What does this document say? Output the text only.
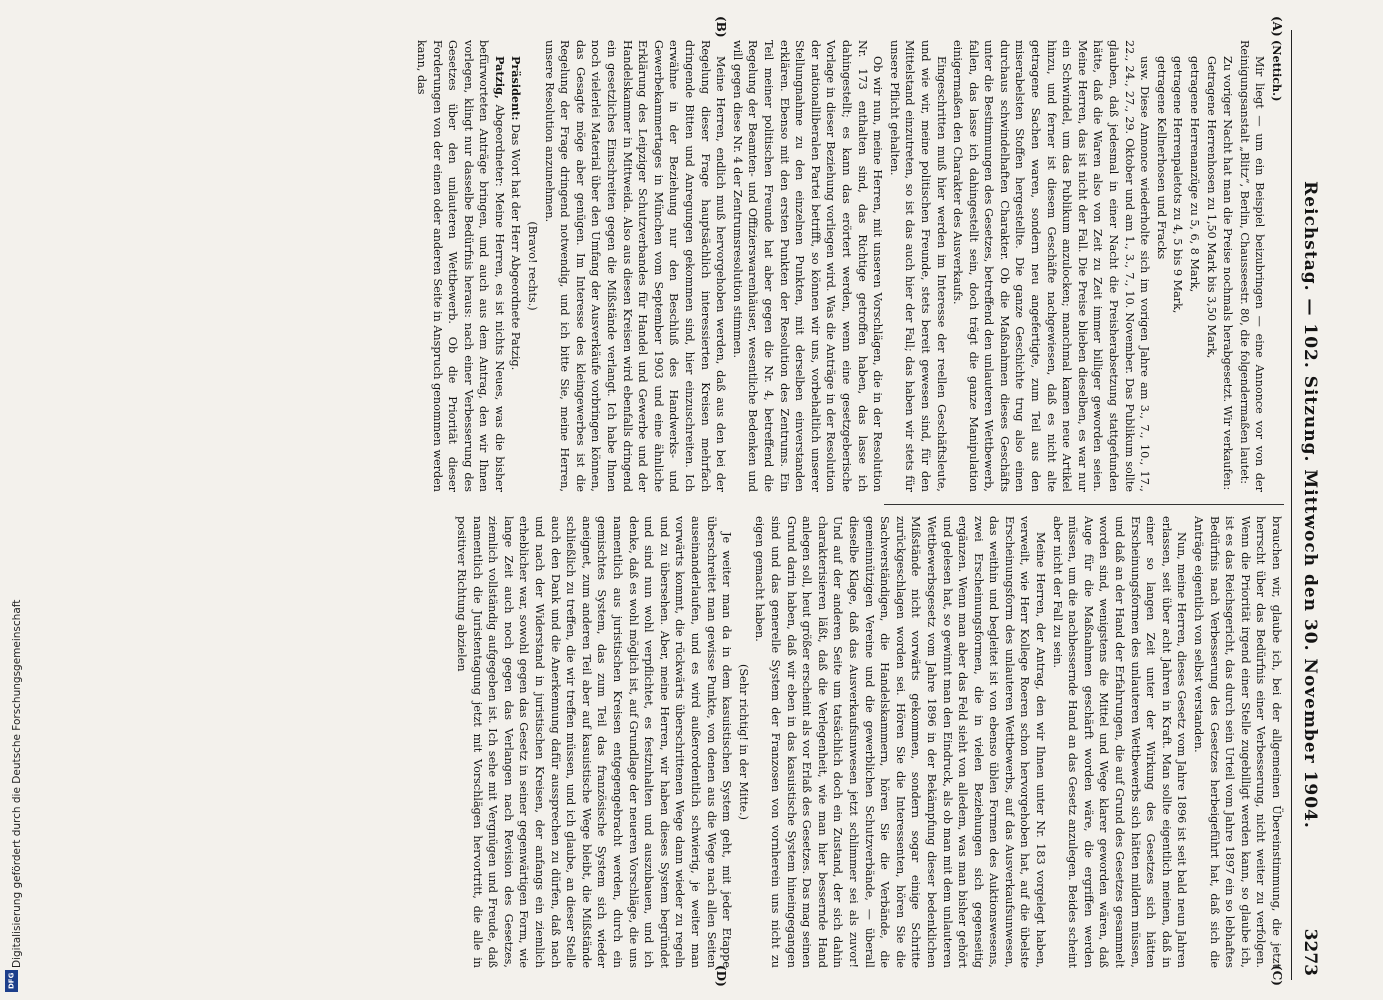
Digitalisierung gefördert durch die Deutsche Forschungsgemeinschaft
DFG
Reichstag. — 102. Sitzung. Mittwoch den 30. November 1904.
3273
(A)
(B)
(C)
(D)

(Nettich.)

Mir liegt — um ein Beispiel beizubringen — eine Annonce vor von der Reinigungsanstalt „Blitz“, Berlin, Chausseestr. 80, die folgendermaßen lautet:

Zu voriger Nacht hat man die Preise nochmals herabgesetzt. Wir verkaufen:

Getragene Herrenhosen zu 1,50 Mark bis 3,50 Mark,

getragene Herrenanzüge zu 5, 6, 8 Mark,

getragene Herrenpaletots zu 4, 5 bis 9 Mark,

getragene Kellnerhosen und Fracks

usw. Diese Annonce wiederholte sich im vorigen Jahre am 3., 7., 10., 17., 22., 24., 27., 29. Oktober und am 1., 3., 7., 10. November. Das Publikum sollte glauben, daß jedesmal in einer Nacht die Preisherabsetzung stattgefunden hätte, daß die Waren also von Zeit zu Zeit immer billiger geworden seien. Meine Herren, das ist nicht der Fall. Die Preise blieben dieselben, es war nur ein Schwindel, um das Publikum anzulocken; manchmal kamen neue Artikel hinzu, und ferner ist diesem Geschäfte nachgewiesen, daß es nicht alte getragene Sachen waren, sondern neu angefertigte, zum Teil aus den miserabelsten Stoffen hergestellte. Die ganze Geschichte trug also einen durchaus schwindelhaften Charakter. Ob die Maßnahmen dieses Geschäfts unter die Bestimmungen des Gesetzes, betreffend den unlauteren Wettbewerb, fallen, das lasse ich dahingestellt sein, doch trägt die ganze Manipulation einigermaßen den Charakter des Ausverkaufs.

Eingeschritten muß hier werden im Interesse der reellen Geschäftsleute, und wie wir, meine politischen Freunde, stets bereit gewesen sind, für den Mittelstand einzutreten, so ist das auch hier der Fall; das haben wir stets für unsere Pflicht gehalten.

Ob wir nun, meine Herren, mit unseren Vorschlägen, die in der Resolution Nr. 173 enthalten sind, das Richtige getroffen haben, das lasse ich dahingestellt; es kann das erörtert werden, wenn eine gesetzgeberische Vorlage in dieser Beziehung vorliegen wird. Was die Anträge in der Resolution der nationalliberalen Partei betrifft, so können wir uns, vorbehaltlich unserer Stellungnahme zu den einzelnen Punkten, mit derselben einverstanden erklären. Ebenso mit den ersten Punkten der Resolution des Zentrums. Ein Teil meiner politischen Freunde hat aber gegen die Nr. 4, betreffend die Regelung der Beamten- und Offizierswarenhäuser, wesentliche Bedenken und will gegen diese Nr. 4 der Zentrumsresolution stimmen.

Meine Herren, endlich muß hervorgehoben werden, daß aus den bei der Regelung dieser Frage hauptsächlich interessierten Kreisen mehrfach dringende Bitten und Anregungen gekommen sind, hier einzuschreiten. Ich erwähne in der Beziehung nur den Beschluß des Handwerks- und Gewerbekammertages in München vom September 1903 und eine ähnliche Erklärung des Leipziger Schutzverbandes für Handel und Gewerbe und der Handelskammer in Mittweida. Also aus diesen Kreisen wird ebenfalls dringend ein gesetzliches Einschreiten gegen die Mißstände verlangt. Ich habe Ihnen noch vielerlei Material über den Umfang der Ausverkäufe vorbringen können, das Gesagte möge aber genügen. Im Interesse des kleingewerbes ist die Regelung der Frage dringend notwendig, und ich bitte Sie, meine Herren, unsere Resolution anzunehmen.

(Bravo! rechts.)

Präsident: Das Wort hat der Herr Abgeordnete Patzig.

Patzig, Abgeordneter: Meine Herren, es ist nichts Neues, was die bisher befürworteten Anträge bringen, und auch aus dem Antrag, den wir Ihnen vorlegen, klingt nur dasselbe Bedürfnis heraus: nach einer Verbesserung des Gesetzes über den unlauteren Wettbewerb. Ob die Priorität dieser Forderungen von der einen oder anderen Seite in Anspruch genommen werden kann, das

brauchen wir, glaube ich, bei der allgemeinen Übereinstimmung, die jetzt herrscht über das Bedürfnis einer Verbesserung, nicht weiter zu verfolgen. Wenn die Priorität irgend einer Stelle zugebilligt werden kann, so glaube ich, ist es das Reichsgericht, das durch sein Urteil vom Jahre 1897 ein so lebhaftes Bedürfnis nach Verbesserung des Gesetzes herbeigeführt hat, daß sich die Anträge eigentlich von selbst verstanden.

Nun, meine Herren, dieses Gesetz vom Jahre 1896 ist seit bald neun Jahren erlassen, seit über acht Jahren in Kraft. Man sollte eigentlich meinen, daß in einer so langen Zeit unter der Wirkung des Gesetzes sich hätten Erscheinungsformen des unlauteren Wettbewerbs sich hätten mildern müssen, und daß an der Hand der Erfahrungen, die auf Grund des Gesetzes gesammelt worden sind, wenigstens die Mittel und Wege klarer geworden wären, daß Auge für die Maßnahmen geschärft worden wäre, die ergriffen werden müssen, um die nachbessernde Hand an das Gesetz anzulegen. Beides scheint aber nicht der Fall zu sein.

Meine Herren, der Antrag, den wir Ihnen unter Nr. 183 vorgelegt haben, verweilt, wie Herr Kollege Roeren schon hervorgehoben hat, auf die übelste Erscheinungsform des unlauteren Wettbewerbs, auf das Ausverkaufsunwesen, das weithin und begleitet ist von ebenso üblen Formen des Auktionswesens, zwei Erscheinungsformen, die in vielen Beziehungen sich gegenseitig ergänzen. Wenn man aber das Feld sieht von alledem, was man bisher gehört und gelesen hat, so gewinnt man den Eindruck, als ob man mit dem unlauteren Wettbewerbsgesetz vom Jahre 1896 in der Bekämpfung dieser bedenklichen Mißstände nicht vorwärts gekommen, sondern sogar einige Schritte zurückgeschlagen worden sei. Hören Sie die Interessenten, hören Sie die Sachverständigen, die Handelskammern, hören Sie die Verbände, die gemeinnützigen Vereine und die gewerblichen Schutzverbände, — überall dieselbe Klage, daß das Ausverkaufsunwesen jetzt schlimmer sei als zuvor! Und auf der anderen Seite um tatsächlich doch ein Zustand, der sich dahin charakterisieren läßt, daß die Verlegenheit, wie man hier bessernde Hand anlegen soll, heut größer erscheint als vor Erlaß des Gesetzes. Das mag seinen Grund darin haben, daß wir eben in das kasuistische System hineingegangen sind und das generelle System der Franzosen von vornherein uns nicht zu eigen gemacht haben.

(Sehr richtig! in der Mitte.)

Je weiter man da in dem kasuistischen System geht, mit jeder Etappe überschreitet man gewisse Punkte, von denen aus die Wege nach allen Seiten auseinanderlaufen, und es wird außerordentlich schwierig, je weiter man vorwärts kommt, die rückwärts überschrittenen Wege dann wieder zu regeln und zu übersehen. Aber, meine Herren, wir haben dieses System begründet und sind nun wohl verpflichtet, es festzuhalten und auszubauen, und ich denke, daß es wohl möglich ist, auf Grundlage der neueren Vorschläge, die uns namentlich aus juristischen Kreisen entgegengebracht werden, durch ein gemischtes System, das zum Teil das französische System sich wieder aneignet, zum anderen Teil aber auf kasuistische Wege bleibt, die Mißstände schließlich zu treffen, die wir treffen müssen, und ich glaube, an dieser Stelle auch den Dank und die Anerkennung dafür aussprechen zu dürfen, daß nach und nach der Widerstand in juristischen Kreisen, der anfangs ein ziemlich erheblicher war, sowohl gegen das Gesetz in seiner gegenwärtigen Form, wie lange Zeit auch noch gegen das Verlangen nach Revision des Gesetzes, ziemlich vollständig aufgegeben ist. Ich sehe mit Vergnügen und Freude, daß namentlich die Juristentagung jetzt mit Vorschlägen hervortritt, die alle in positiver Richtung abzielen
